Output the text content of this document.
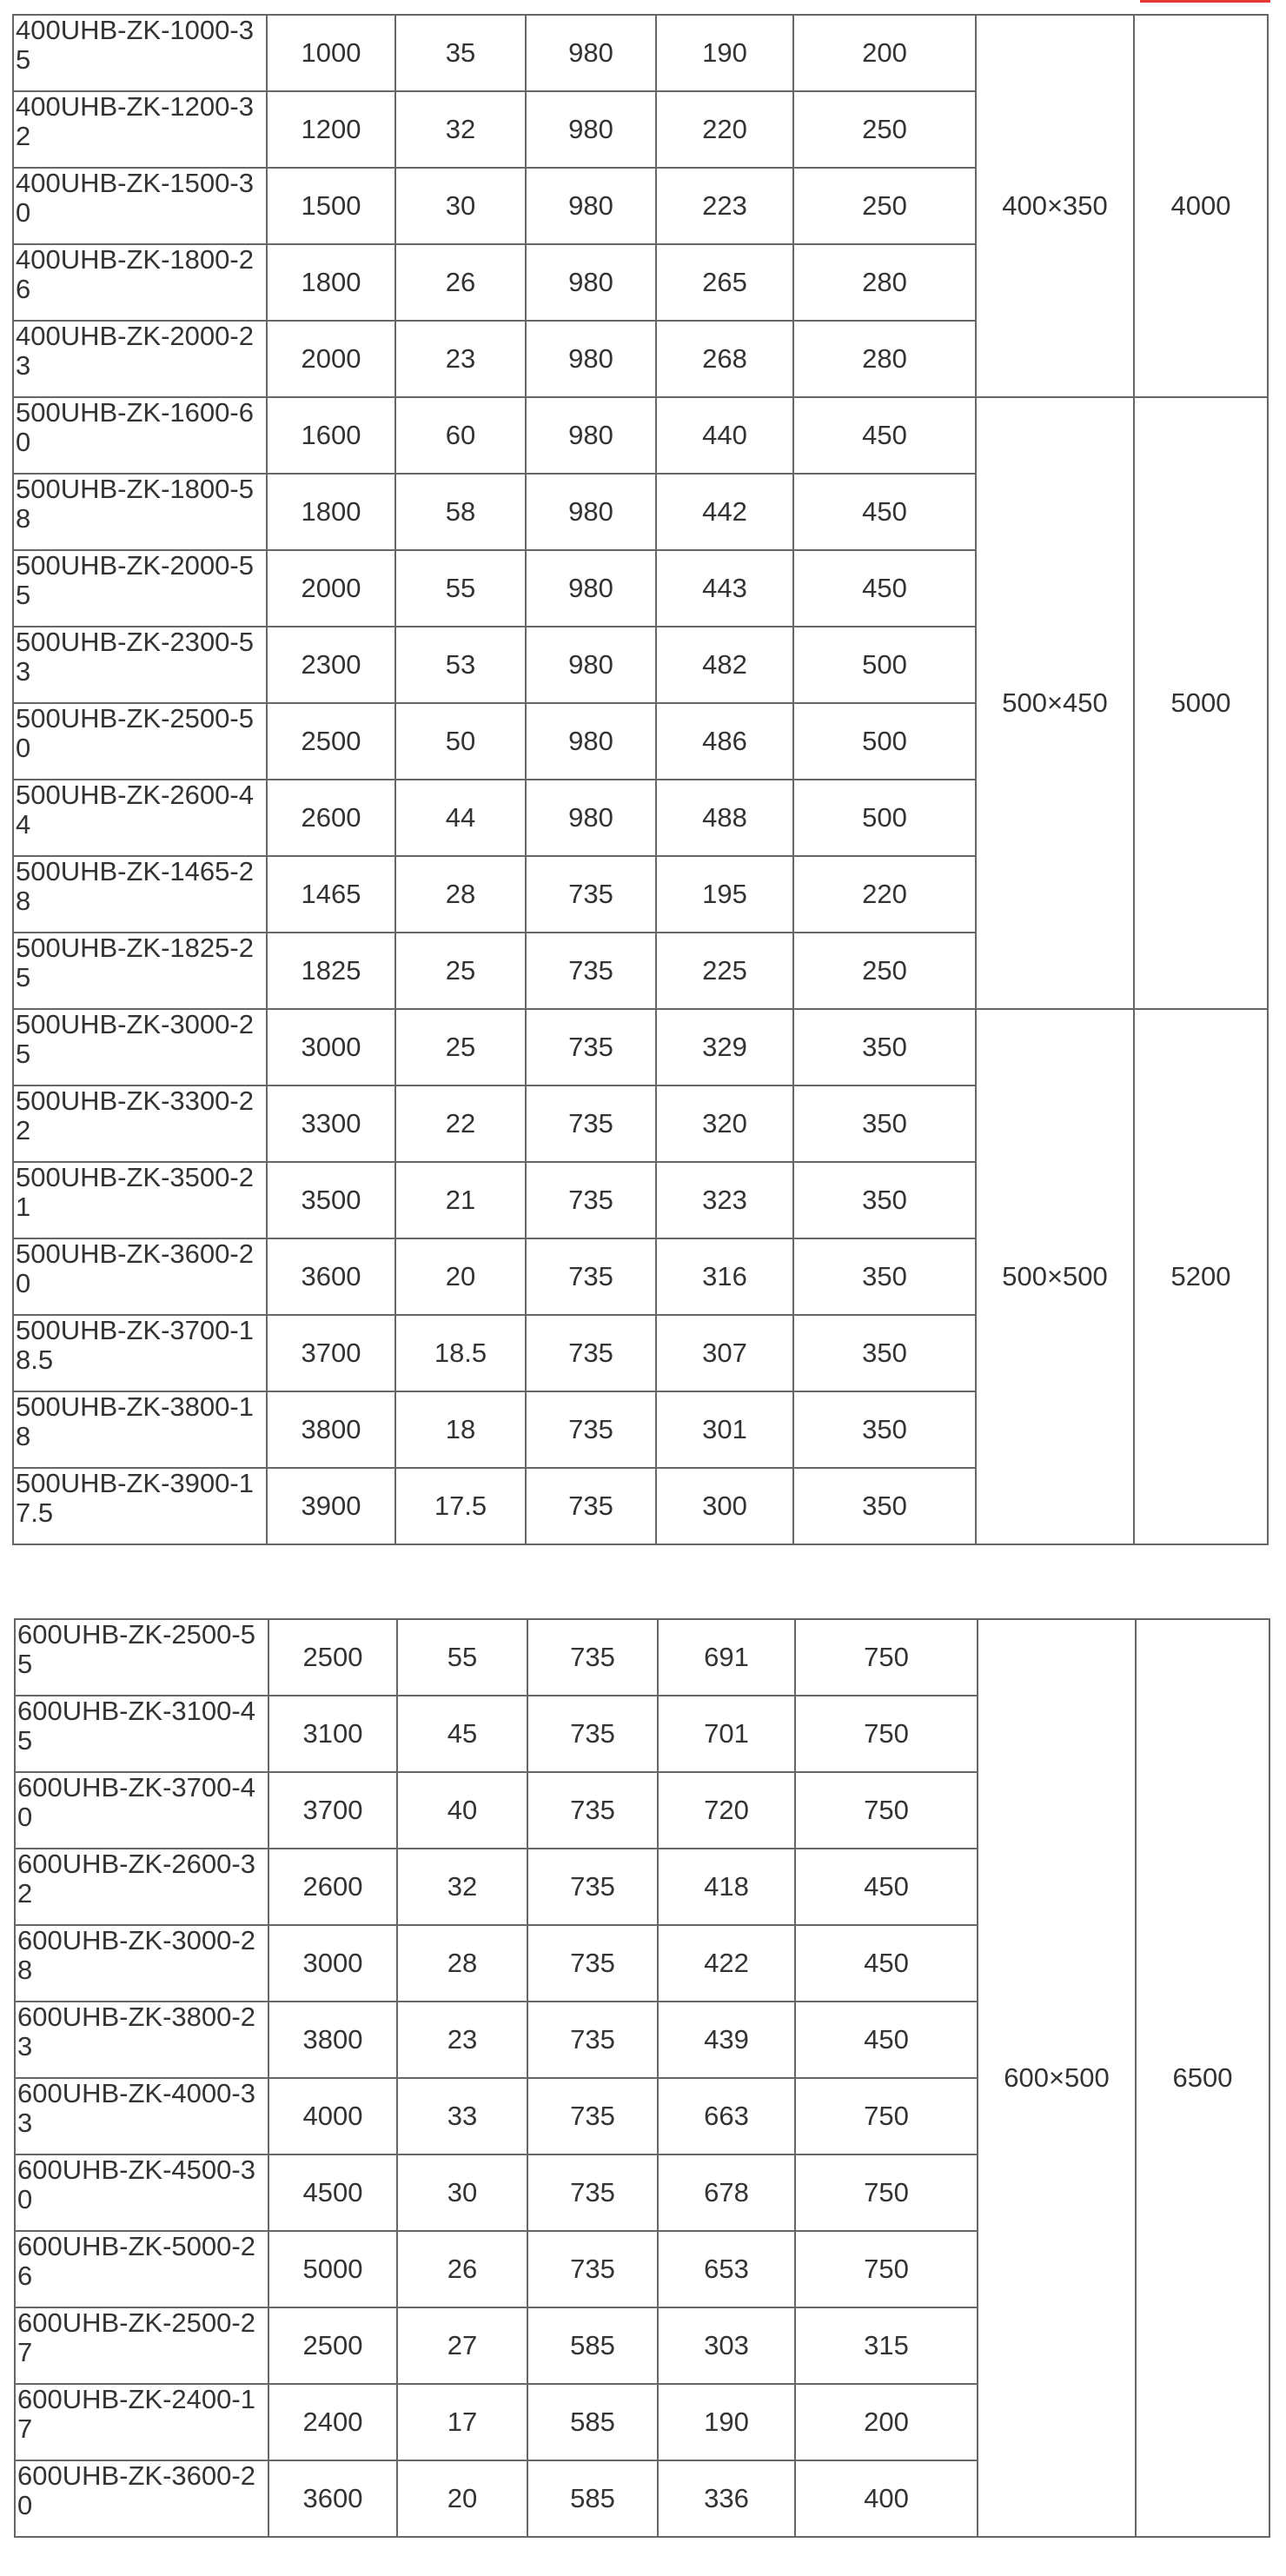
400UHB-ZK-1000-35	1000	35	980	190	200	400×350	4000
400UHB-ZK-1200-32	1200	32	980	220	250		
400UHB-ZK-1500-30	1500	30	980	223	250		
400UHB-ZK-1800-26	1800	26	980	265	280		
400UHB-ZK-2000-23	2000	23	980	268	280		
500UHB-ZK-1600-60	1600	60	980	440	450	500×450	5000
500UHB-ZK-1800-58	1800	58	980	442	450		
500UHB-ZK-2000-55	2000	55	980	443	450		
500UHB-ZK-2300-53	2300	53	980	482	500		
500UHB-ZK-2500-50	2500	50	980	486	500		
500UHB-ZK-2600-44	2600	44	980	488	500		
500UHB-ZK-1465-28	1465	28	735	195	220		
500UHB-ZK-1825-25	1825	25	735	225	250		
500UHB-ZK-3000-25	3000	25	735	329	350	500×500	5200
500UHB-ZK-3300-22	3300	22	735	320	350		
500UHB-ZK-3500-21	3500	21	735	323	350		
500UHB-ZK-3600-20	3600	20	735	316	350		
500UHB-ZK-3700-18.5	3700	18.5	735	307	350		
500UHB-ZK-3800-18	3800	18	735	301	350		
500UHB-ZK-3900-17.5	3900	17.5	735	300	350		
600UHB-ZK-2500-55	2500	55	735	691	750	600×500	6500
600UHB-ZK-3100-45	3100	45	735	701	750		
600UHB-ZK-3700-40	3700	40	735	720	750		
600UHB-ZK-2600-32	2600	32	735	418	450		
600UHB-ZK-3000-28	3000	28	735	422	450		
600UHB-ZK-3800-23	3800	23	735	439	450		
600UHB-ZK-4000-33	4000	33	735	663	750		
600UHB-ZK-4500-30	4500	30	735	678	750		
600UHB-ZK-5000-26	5000	26	735	653	750		
600UHB-ZK-2500-27	2500	27	585	303	315		
600UHB-ZK-2400-17	2400	17	585	190	200		
600UHB-ZK-3600-20	3600	20	585	336	400		
